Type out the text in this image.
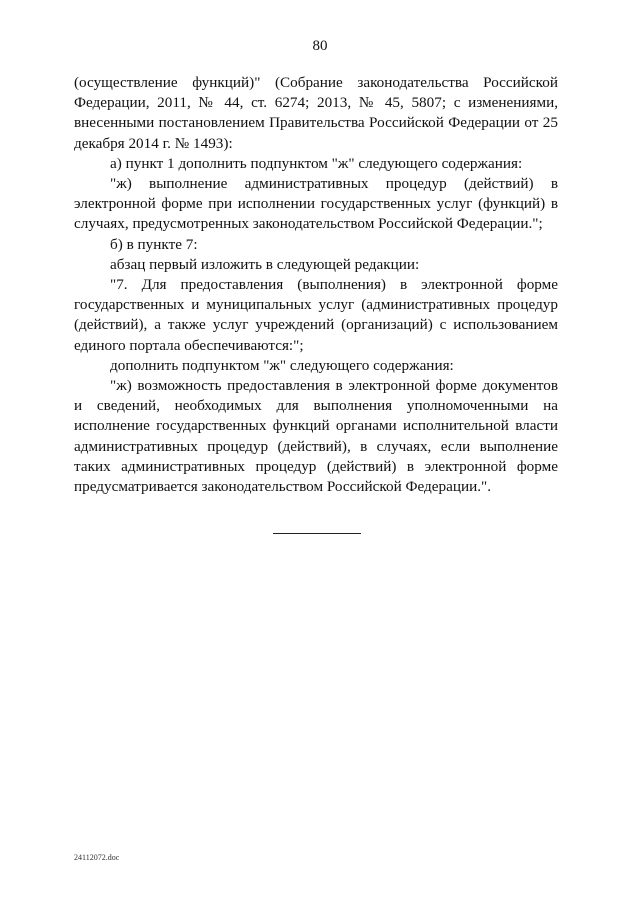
80

(осуществление функций)" (Собрание законодательства Российской Федерации, 2011, № 44, ст. 6274; 2013, № 45, 5807; с изменениями, внесенными постановлением Правительства Российской Федерации от 25 декабря 2014 г. № 1493):

а) пункт 1 дополнить подпунктом "ж" следующего содержания:

"ж) выполнение административных процедур (действий) в электронной форме при исполнении государственных услуг (функций) в случаях, предусмотренных законодательством Российской Федерации.";

б) в пункте 7:

абзац первый изложить в следующей редакции:

"7. Для предоставления (выполнения) в электронной форме государственных и муниципальных услуг (административных процедур (действий), а также услуг учреждений (организаций) с использованием единого портала обеспечиваются:";

дополнить подпунктом "ж" следующего содержания:

"ж) возможность предоставления в электронной форме документов и сведений, необходимых для выполнения уполномоченными на исполнение государственных функций органами исполнительной власти административных процедур (действий), в случаях, если выполнение таких административных процедур (действий) в электронной форме предусматривается законодательством Российской Федерации.".

24112072.doc
